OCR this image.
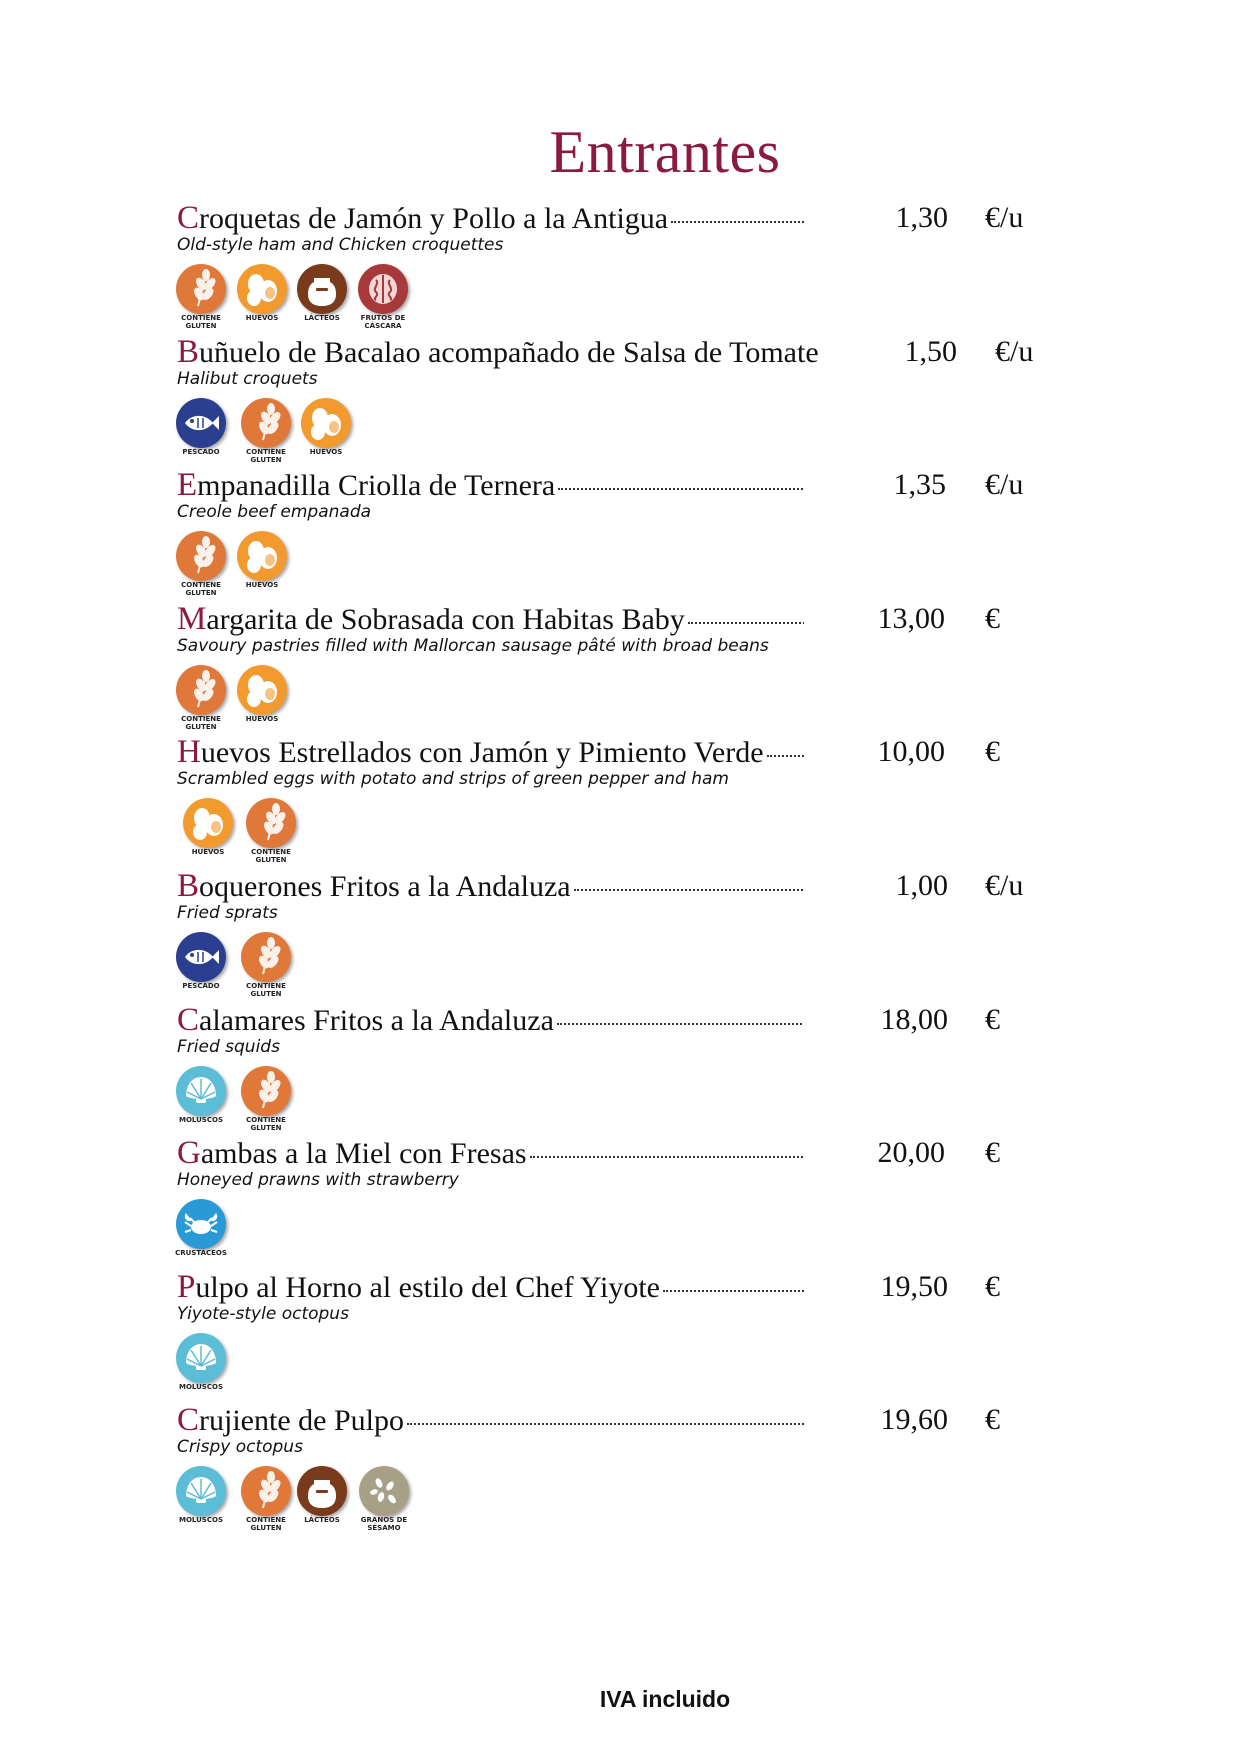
Entrantes
Croquetas de Jamón y Pollo a la Antigua	1,30 €/u
Old-style ham and Chicken croquettes
CONTIENE
GLUTEN
HUEVOS	LÁCTEOS	FRUTOS DE
CÁSCARA
Buñuelo de Bacalao acompañado de Salsa de Tomate	1,50 €/u
Halibut croquets
PESCADO	CONTIENE
GLUTEN
HUEVOS
Empanadilla Criolla de Ternera	1,35 €/u
Creole beef empanada
CONTIENE
GLUTEN
HUEVOS
Margarita de Sobrasada con Habitas Baby	13,00 €
Savoury pastries filled with Mallorcan sausage pâté with broad beans
CONTIENE
GLUTEN
HUEVOS
Huevos Estrellados con Jamón y Pimiento Verde	10,00 €
Scrambled eggs with potato and strips of green pepper and ham
HUEVOS	CONTIENE
GLUTEN
Boquerones Fritos a la Andaluza	1,00 €/u
Fried sprats
PESCADO	CONTIENE
GLUTEN
Calamares Fritos a la Andaluza	18,00 €
Fried squids
MOLUSCOS	CONTIENE
GLUTEN
Gambas a la Miel con Fresas	20,00 €
Honeyed prawns with strawberry
CRUSTÁCEOS
Pulpo al Horno al estilo del Chef Yiyote	19,50 €
Yiyote-style octopus
MOLUSCOS
Crujiente de Pulpo	19,60 €
Crispy octopus
MOLUSCOS	CONTIENE
GLUTEN
LÁCTEOS	GRANOS DE
SÉSAMO
IVA incluido
